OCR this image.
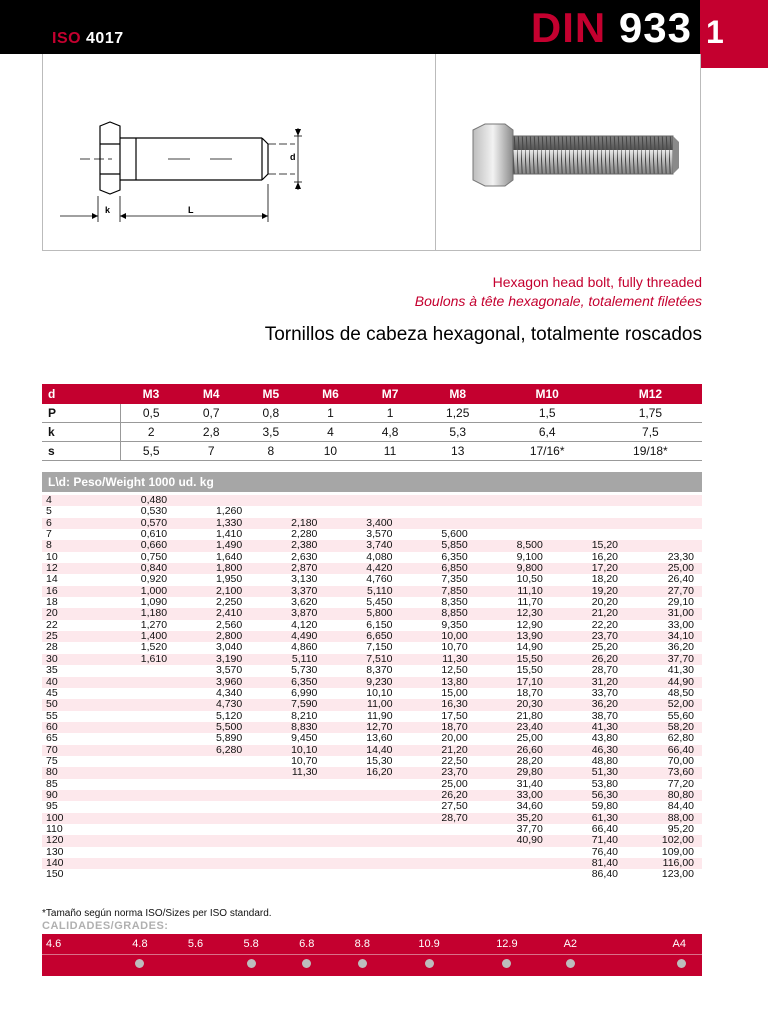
ISO 4017	DIN 933 1
d
k	L
Hexagon head bolt, fully threaded
Boulons à tête hexagonale, totalement filetées
Tornillos de cabeza hexagonal, totalmente roscados
d	M3	M4	M5	M6	M7	M8	M10	M12
P	0,5	0,7	0,8	1	1	1,25	1,5	1,75
k	2	2,8	3,5	4	4,8	5,3	6,4	7,5
s	5,5	7	8	10	11	13	17/16*	19/18*
L\d: Peso/Weight 1000 ud. kg
4	0,480							
5	0,530	1,260						
6	0,570	1,330	2,180	3,400				
7	0,610	1,410	2,280	3,570	5,600			
8	0,660	1,490	2,380	3,740	5,850	8,500	15,20	
10	0,750	1,640	2,630	4,080	6,350	9,100	16,20	23,30
12	0,840	1,800	2,870	4,420	6,850	9,800	17,20	25,00
14	0,920	1,950	3,130	4,760	7,350	10,50	18,20	26,40
16	1,000	2,100	3,370	5,110	7,850	11,10	19,20	27,70
18	1,090	2,250	3,620	5,450	8,350	11,70	20,20	29,10
20	1,180	2,410	3,870	5,800	8,850	12,30	21,20	31,00
22	1,270	2,560	4,120	6,150	9,350	12,90	22,20	33,00
25	1,400	2,800	4,490	6,650	10,00	13,90	23,70	34,10
28	1,520	3,040	4,860	7,150	10,70	14,90	25,20	36,20
30	1,610	3,190	5,110	7,510	11,30	15,50	26,20	37,70
35		3,570	5,730	8,370	12,50	15,50	28,70	41,30
40		3,960	6,350	9,230	13,80	17,10	31,20	44,90
45		4,340	6,990	10,10	15,00	18,70	33,70	48,50
50		4,730	7,590	11,00	16,30	20,30	36,20	52,00
55		5,120	8,210	11,90	17,50	21,80	38,70	55,60
60		5,500	8,830	12,70	18,70	23,40	41,30	58,20
65		5,890	9,450	13,60	20,00	25,00	43,80	62,80
70		6,280	10,10	14,40	21,20	26,60	46,30	66,40
75			10,70	15,30	22,50	28,20	48,80	70,00
80			11,30	16,20	23,70	29,80	51,30	73,60
85					25,00	31,40	53,80	77,20
90					26,20	33,00	56,30	80,80
95					27,50	34,60	59,80	84,40
100					28,70	35,20	61,30	88,00
110						37,70	66,40	95,20
120						40,90	71,40	102,00
130							76,40	109,00
140							81,40	116,00
150							86,40	123,00
*Tamaño según norma ISO/Sizes per ISO standard.
CALIDADES/GRADES:
4.6	4.8	5.6	5.8	6.8	8.8	10.9	12.9	A2	A4
